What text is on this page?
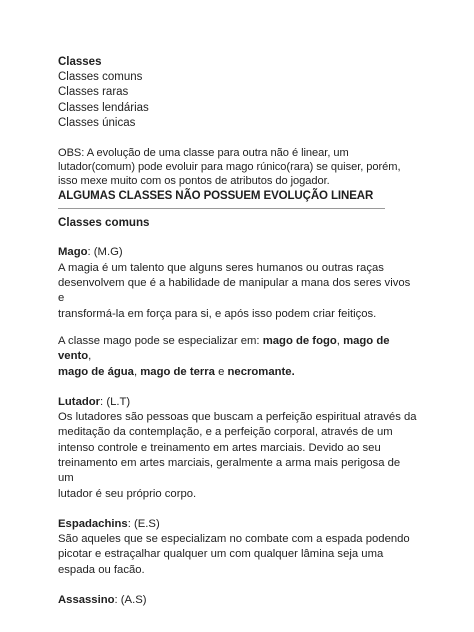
Classes

Classes comuns

Classes raras

Classes lendárias

Classes únicas

OBS: A evolução de uma classe para outra não é linear, um

lutador(comum) pode evoluir para mago rúnico(rara) se quiser, porém,

isso mexe muito com os pontos de atributos do jogador.

ALGUMAS CLASSES NÃO POSSUEM EVOLUÇÃO LINEAR

Classes comuns

Mago: (M.G)

A magia é um talento que alguns seres humanos ou outras raças

desenvolvem que é a habilidade de manipular a mana dos seres vivos e

transformá-la em força para si, e após isso podem criar feitiços.

A classe mago pode se especializar em: mago de fogo, mago de vento,

mago de água, mago de terra e necromante.

Lutador: (L.T)

Os lutadores são pessoas que buscam a perfeição espiritual através da

meditação da contemplação, e a perfeição corporal, através de um

intenso controle e treinamento em artes marciais. Devido ao seu

treinamento em artes marciais, geralmente a arma mais perigosa de um

lutador é seu próprio corpo.

Espadachins: (E.S)

São aqueles que se especializam no combate com a espada podendo

picotar e estraçalhar qualquer um com qualquer lâmina seja uma

espada ou facão.

Assassino: (A.S)
